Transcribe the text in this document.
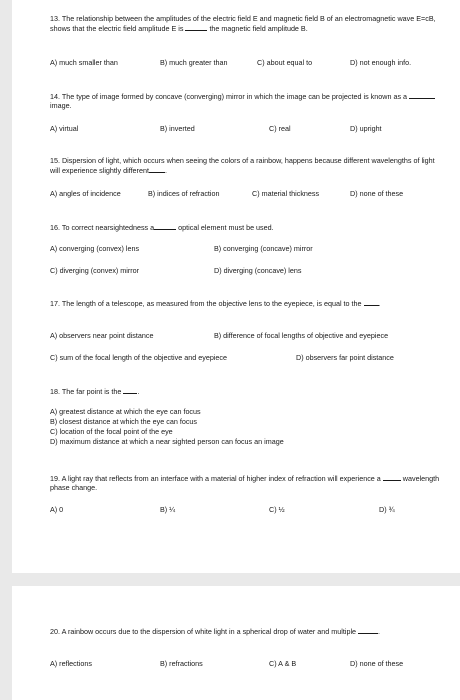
13. The relationship between the amplitudes of the electric field E and magnetic field B of an electromagnetic wave E=cB, shows that the electric field amplitude E is	the magnetic field amplitude B.
A) much smaller than	B) much greater than	C) about equal to	D) not enough info.
14. The type of image formed by concave (converging) mirror in which the image can be projected is known as a  image.
A) virtual	B) inverted	C) real	D) upright
15. Dispersion of light, which occurs when seeing the colors of a rainbow, happens because different wavelengths of light will experience slightly different .
A) angles of incidence	B) indices of refraction	C) material thickness	D) none of these
16. To correct nearsightedness a	optical element must be used.
A) converging (convex) lens	B) converging (concave) mirror
C) diverging (convex) mirror	D) diverging (concave) lens
17. The length of a telescope, as measured from the objective lens to the eyepiece, is equal to the .
A) observers near point distance	B) difference of focal lengths of objective and eyepiece
C) sum of the focal length of the objective and eyepiece	D) observers far point distance
18. The far point is the .
A) greatest distance at which the eye can focus
B) closest distance at which the eye can focus
C) location of the focal point of the eye
D) maximum distance at which a near sighted person can focus an image
19. A light ray that reflects from an interface with a material of higher index of refraction will experience a	wavelength phase change.
A) 0	B) ¼	C) ½	D) ¾
20. A rainbow occurs due to the dispersion of white light in a spherical drop of water and multiple	.
A) reflections	B) refractions	C) A & B	D) none of these
